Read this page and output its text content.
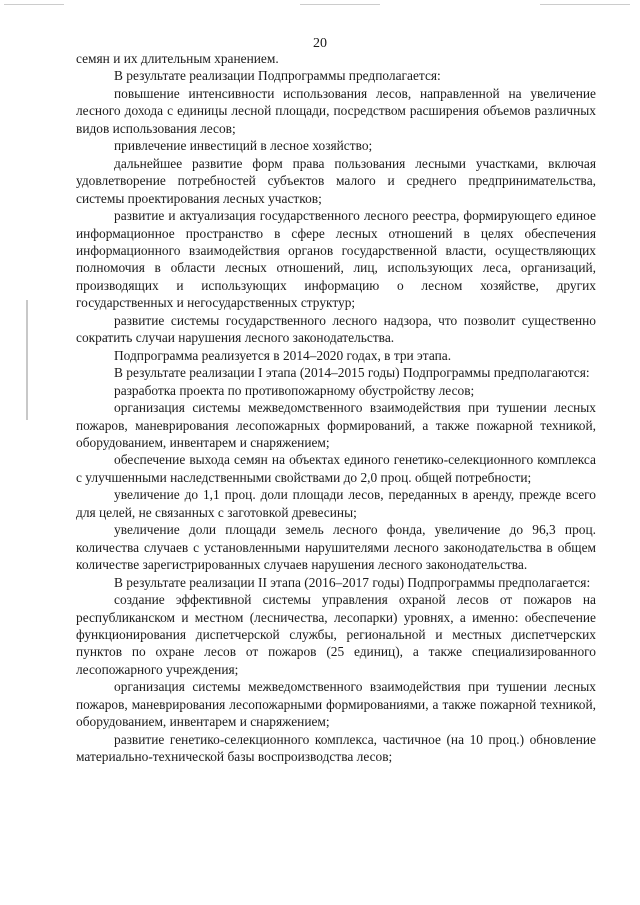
20

семян и их длительным хранением.

В результате реализации Подпрограммы предполагается:

повышение интенсивности использования лесов, направленной на увеличение лесного дохода с единицы лесной площади, посредством расширения объемов различных видов использования лесов;

привлечение инвестиций в лесное хозяйство;

дальнейшее развитие форм права пользования лесными участками, включая удовлетворение потребностей субъектов малого и среднего предпринимательства, системы проектирования лесных участков;

развитие и актуализация государственного лесного реестра, формирующего единое информационное пространство в сфере лесных отношений в целях обеспечения информационного взаимодействия органов государственной власти, осуществляющих полномочия в области лесных отношений, лиц, использующих леса, организаций, производящих и использующих информацию о лесном хозяйстве, других государственных и негосударственных структур;

развитие системы государственного лесного надзора, что позволит существенно сократить случаи нарушения лесного законодательства.

Подпрограмма реализуется в 2014–2020 годах, в три этапа.

В результате реализации I этапа (2014–2015 годы) Подпрограммы предполагаются:

разработка проекта по противопожарному обустройству лесов;

организация системы межведомственного взаимодействия при тушении лесных пожаров, маневрирования лесопожарных формирований, а также пожарной техникой, оборудованием, инвентарем и снаряжением;

обеспечение выхода семян на объектах единого генетико-селекционного комплекса с улучшенными наследственными свойствами до 2,0 проц. общей потребности;

увеличение до 1,1 проц. доли площади лесов, переданных в аренду, прежде всего для целей, не связанных с заготовкой древесины;

увеличение доли площади земель лесного фонда, увеличение до 96,3 проц. количества случаев с установленными нарушителями лесного законодательства в общем количестве зарегистрированных случаев нарушения лесного законодательства.

В результате реализации II этапа (2016–2017 годы) Подпрограммы предполагается:

создание эффективной системы управления охраной лесов от пожаров на республиканском и местном (лесничества, лесопарки) уровнях, а именно: обеспечение функционирования диспетчерской службы, региональной и местных диспетчерских пунктов по охране лесов от пожаров (25 единиц), а также специализированного лесопожарного учреждения;

организация системы межведомственного взаимодействия при тушении лесных пожаров, маневрирования лесопожарными формированиями, а также пожарной техникой, оборудованием, инвентарем и снаряжением;

развитие генетико-селекционного комплекса, частичное (на 10 проц.) обновление материально-технической базы воспроизводства лесов;
